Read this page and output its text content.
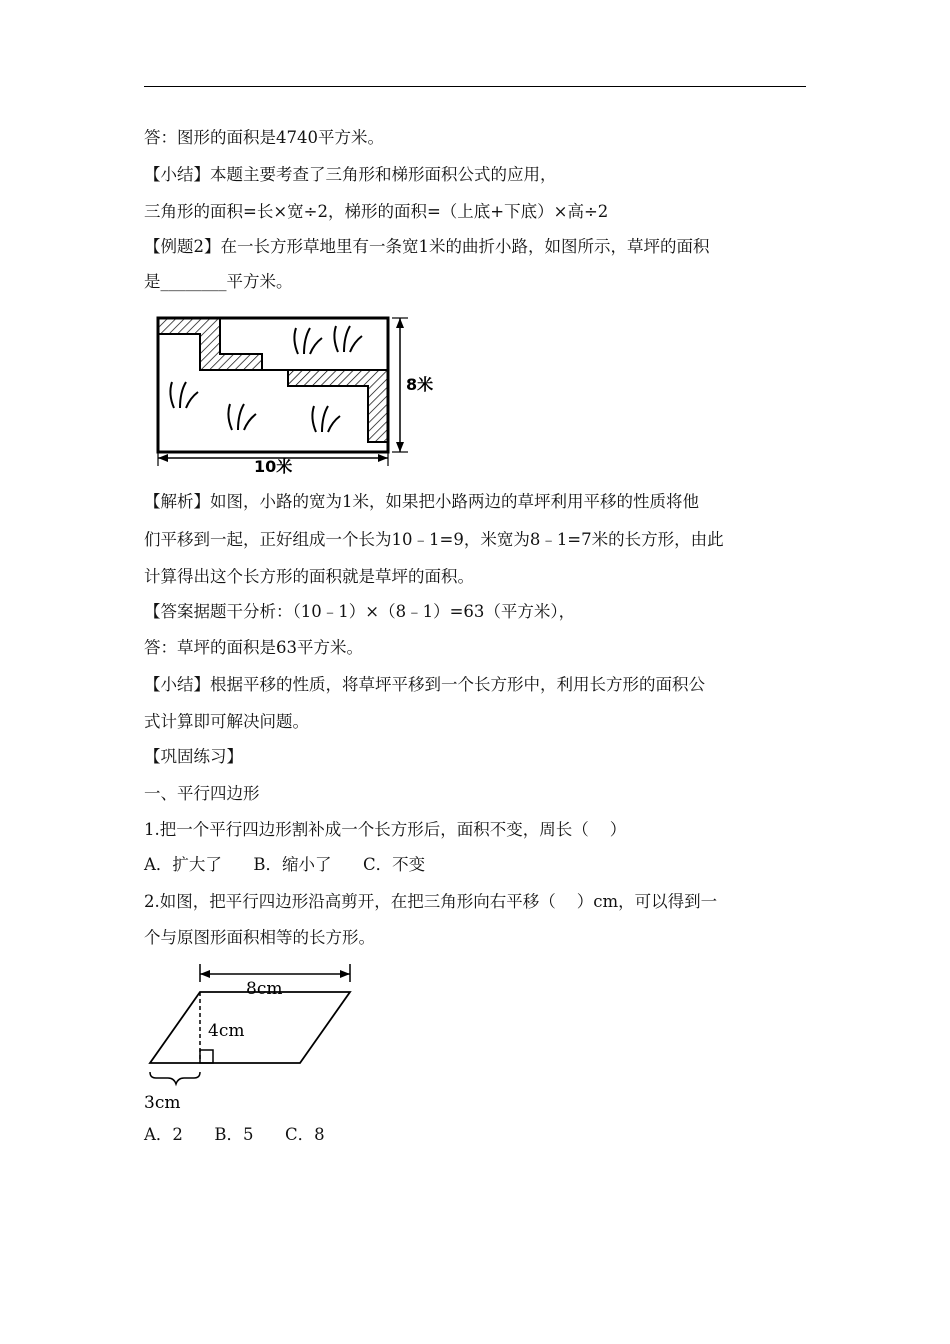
答：图形的面积是4740平方米。
【小结】本题主要考查了三角形和梯形面积公式的应用，
三角形的面积=长×宽÷2，梯形的面积=（上底+下底）×高÷2
【例题2】在一长方形草地里有一条宽1米的曲折小路，如图所示，草坪的面积
是________平方米。
8米
10米
【解析】如图，小路的宽为1米，如果把小路两边的草坪利用平移的性质将他
们平移到一起，正好组成一个长为10﹣1=9，米宽为8﹣1=7米的长方形，由此
计算得出这个长方形的面积就是草坪的面积。
【答案据题干分析：（10﹣1）×（8﹣1）=63（平方米），
答：草坪的面积是63平方米。
【小结】根据平移的性质，将草坪平移到一个长方形中，利用长方形的面积公
式计算即可解决问题。
【巩固练习】
一、平行四边形
1.把一个平行四边形割补成一个长方形后，面积不变，周长（    ）
A．扩大了      B．缩小了      C．不变
2.如图，把平行四边形沿高剪开，在把三角形向右平移（    ）cm，可以得到一
个与原图形面积相等的长方形。
8cm
4cm
3cm
A．2      B．5      C．8
